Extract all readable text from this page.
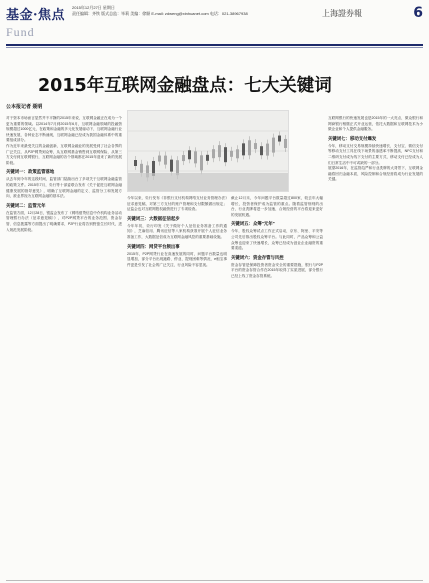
基金·焦点
Fund
2015年12月27日 星期日
责任编辑：齐铁 版式总监：毕莉 美编：徐颐 E-mail: zdweng@xinhuanet.com 电话：021-38967938	上海證券報	6
2015年互联网金融盘点：七大关键词
公本报记者 聂明

对于资本市场而言显然并不平静的2015年来说，互联网金融正在成为一个更为重要的领域。以2014年7月到2015年6月，互联网金融领域的投融资规模超过1000亿元，在政策和金融的多元化发展驱动下，互联网金融行业快速发展，各种业态不断涌现，互联网金融已经成为我国金融体系中的重要组成部分。

作为近年来最受关注的金融创新，互联网金融业的发展受到了社会各界的广泛关注，从P2P网贷到众筹，从互联网基金销售到互联网保险，从第三方支付到互联网银行，互联网金融的各个领域都在2015年迎来了新的发展阶段。

关键词一：政策监管落地

从去年到今年的这段时间，监管部门陆续出台了多项关于互联网金融监管的政策文件。2015年7月，央行等十部委联合发布《关于促进互联网金融健康发展的指导意见》，明确了互联网金融的定义、监管分工和发展方向，被业界视为互联网金融的基本法。

关键词二：监管元年

在监管方面，12月28日，银监会发布了《网络借贷信息中介机构业务活动管理暂行办法（征求意见稿）》，对P2P网贷平台的业务范围、资金存管、信息披露等方面提出了明确要求，P2P行业将告别野蛮生长时代，进入规范发展阶段。

今年以来，央行发布《非银行支付机构网络支付业务管理办法》征求意见稿，对第三方支付的账户管理和支付限额做出规定；证监会也对互联网股权融资进行了专项检查。

关键词三：大数据征信起步

今年年初，央行印发《关于做好个人征信业务准备工作的通知》，芝麻信用、腾讯征信等八家机构获准开展个人征信业务准备工作，大数据征信成为互联网金融风控的重要基础设施。

关键词四：网贷平台频出事

2015年，P2P网贷行业在高速发展的同时，问题平台数量也明显增加，部分平台出现跑路、停业、提现困难等情况，e租宝事件更是引发了社会的广泛关注，行业风险不容忽视。

截止12月末，今年问题平台数量超过800家，较去年大幅增长，投资者保护成为监管的重点。随着监管细则的出台，行业洗牌将进一步加速，合规经营的平台将迎来更好的发展机遇。

关键词五：众筹"元年"

今年，股权众筹试点工作正式启动，京东、阿里、平安等公司先后推出股权众筹平台。与此同时，产品众筹和公益众筹也迎来了快速增长，众筹已经成为创业企业融资的重要渠道。

关键词六：资金存管与风控

资金存管是保障投资者资金安全的重要措施，银行与P2P平台的资金存管合作在2015年取得了实质进展，部分银行已经上线了资金存管系统。

互联网银行的快速发展也是2015年的一大亮点，微众银行和网商银行相继正式开业运营，依托大数据和互联网技术为小微企业和个人提供金融服务。

关键词七：移动支付爆发

今年，移动支付交易规模持续快速增长，支付宝、微信支付等移动支付工具在线下场景的渗透率不断提高，NFC支付和二维码支付成为线下支付的主要方式，移动支付已经成为人们日常生活中不可或缺的一部分。

展望2016年，在监管趋严和行业洗牌的大背景下，互联网金融将回归金融本质，风险控制和合规经营将成为行业发展的关键。
